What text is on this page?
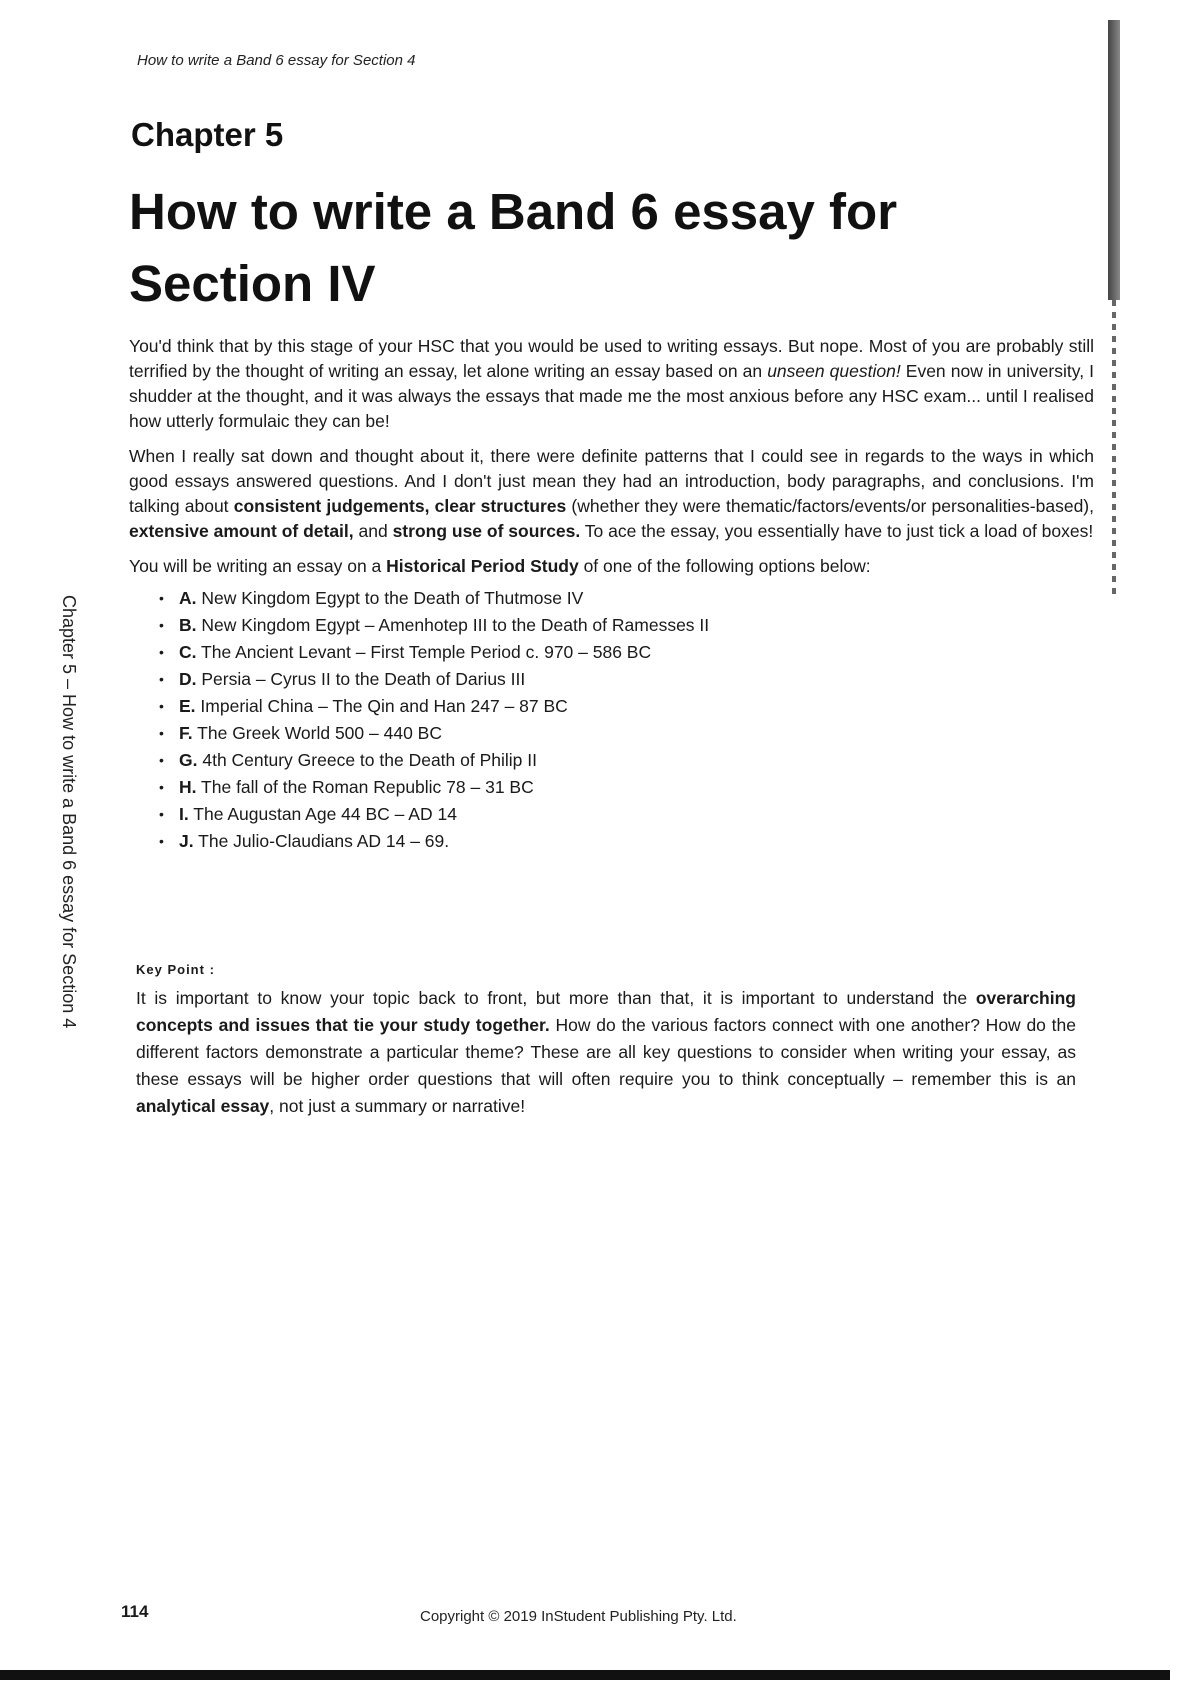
How to write a Band 6 essay for Section 4
Chapter 5
How to write a Band 6 essay for Section IV

You'd think that by this stage of your HSC that you would be used to writing essays. But nope. Most of you are probably still terrified by the thought of writing an essay, let alone writing an essay based on an unseen question! Even now in university, I shudder at the thought, and it was always the essays that made me the most anxious before any HSC exam... until I realised how utterly formulaic they can be!

When I really sat down and thought about it, there were definite patterns that I could see in regards to the ways in which good essays answered questions. And I don't just mean they had an introduction, body paragraphs, and conclusions. I'm talking about consistent judgements, clear structures (whether they were thematic/factors/events/or personalities-based), extensive amount of detail, and strong use of sources. To ace the essay, you essentially have to just tick a load of boxes!

You will be writing an essay on a Historical Period Study of one of the following options below:

• A. New Kingdom Egypt to the Death of Thutmose IV
• B. New Kingdom Egypt – Amenhotep III to the Death of Ramesses II
• C. The Ancient Levant – First Temple Period c. 970 – 586 BC
• D. Persia – Cyrus II to the Death of Darius III
• E. Imperial China – The Qin and Han 247 – 87 BC
• F. The Greek World 500 – 440 BC
• G. 4th Century Greece to the Death of Philip II
• H. The fall of the Roman Republic 78 – 31 BC
• I. The Augustan Age 44 BC – AD 14
• J. The Julio-Claudians AD 14 – 69.
Key Point :

It is important to know your topic back to front, but more than that, it is important to understand the overarching concepts and issues that tie your study together. How do the various factors connect with one another? How do the different factors demonstrate a particular theme? These are all key questions to consider when writing your essay, as these essays will be higher order questions that will often require you to think conceptually – remember this is an analytical essay, not just a summary or narrative!

Chapter 5 – How to write a Band 6 essay for Section 4
114	Copyright © 2019 InStudent Publishing Pty. Ltd.
